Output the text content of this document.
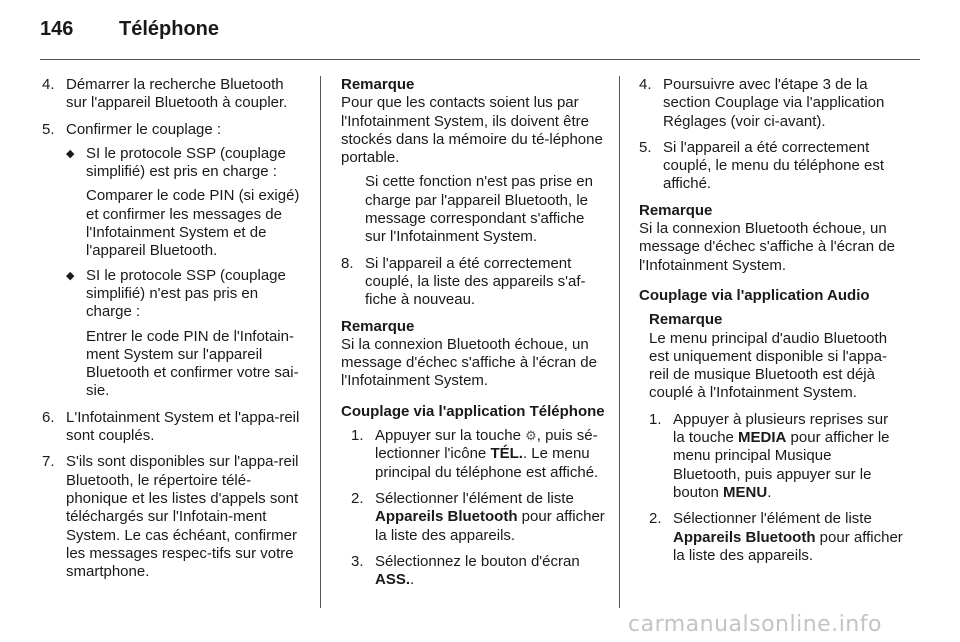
146 Téléphone
4. Démarrer la recherche Bluetooth sur l'appareil Bluetooth à coupler.
5. Confirmer le couplage :
◆ SI le protocole SSP (couplage simplifié) est pris en charge :
Comparer le code PIN (si exigé) et confirmer les messages de l'Infotainment System et de l'appareil Bluetooth.
◆ SI le protocole SSP (couplage simplifié) n'est pas pris en charge :
Entrer le code PIN de l'Infotain-ment System sur l'appareil Bluetooth et confirmer votre sai-sie.
6. L'Infotainment System et l'appa-reil sont couplés.
7. S'ils sont disponibles sur l'appa-reil Bluetooth, le répertoire télé-phonique et les listes d'appels sont téléchargés sur l'Infotain-ment System. Le cas échéant, confirmer les messages respec-tifs sur votre smartphone.
Remarque
Pour que les contacts soient lus par l'Infotainment System, ils doivent être stockés dans la mémoire du té-léphone portable.
Si cette fonction n'est pas prise en charge par l'appareil Bluetooth, le message correspondant s'affiche sur l'Infotainment System.
8. Si l'appareil a été correctement couplé, la liste des appareils s'af-fiche à nouveau.
Remarque
Si la connexion Bluetooth échoue, un message d'échec s'affiche à l'écran de l'Infotainment System.
Couplage via l'application Téléphone
1. Appuyer sur la touche ⚙, puis sé-lectionner l'icône TÉL.. Le menu principal du téléphone est affiché.
2. Sélectionner l'élément de liste Appareils Bluetooth pour afficher la liste des appareils.
3. Sélectionnez le bouton d'écran ASS..
4. Poursuivre avec l'étape 3 de la section Couplage via l'application Réglages (voir ci-avant).
5. Si l'appareil a été correctement couplé, le menu du téléphone est affiché.
Remarque
Si la connexion Bluetooth échoue, un message d'échec s'affiche à l'écran de l'Infotainment System.
Couplage via l'application Audio
Remarque
Le menu principal d'audio Bluetooth est uniquement disponible si l'appa-reil de musique Bluetooth est déjà couplé à l'Infotainment System.
1. Appuyer à plusieurs reprises sur la touche MEDIA pour afficher le menu principal Musique Bluetooth, puis appuyer sur le bouton MENU.
2. Sélectionner l'élément de liste Appareils Bluetooth pour afficher la liste des appareils.
carmanualsonline.info
